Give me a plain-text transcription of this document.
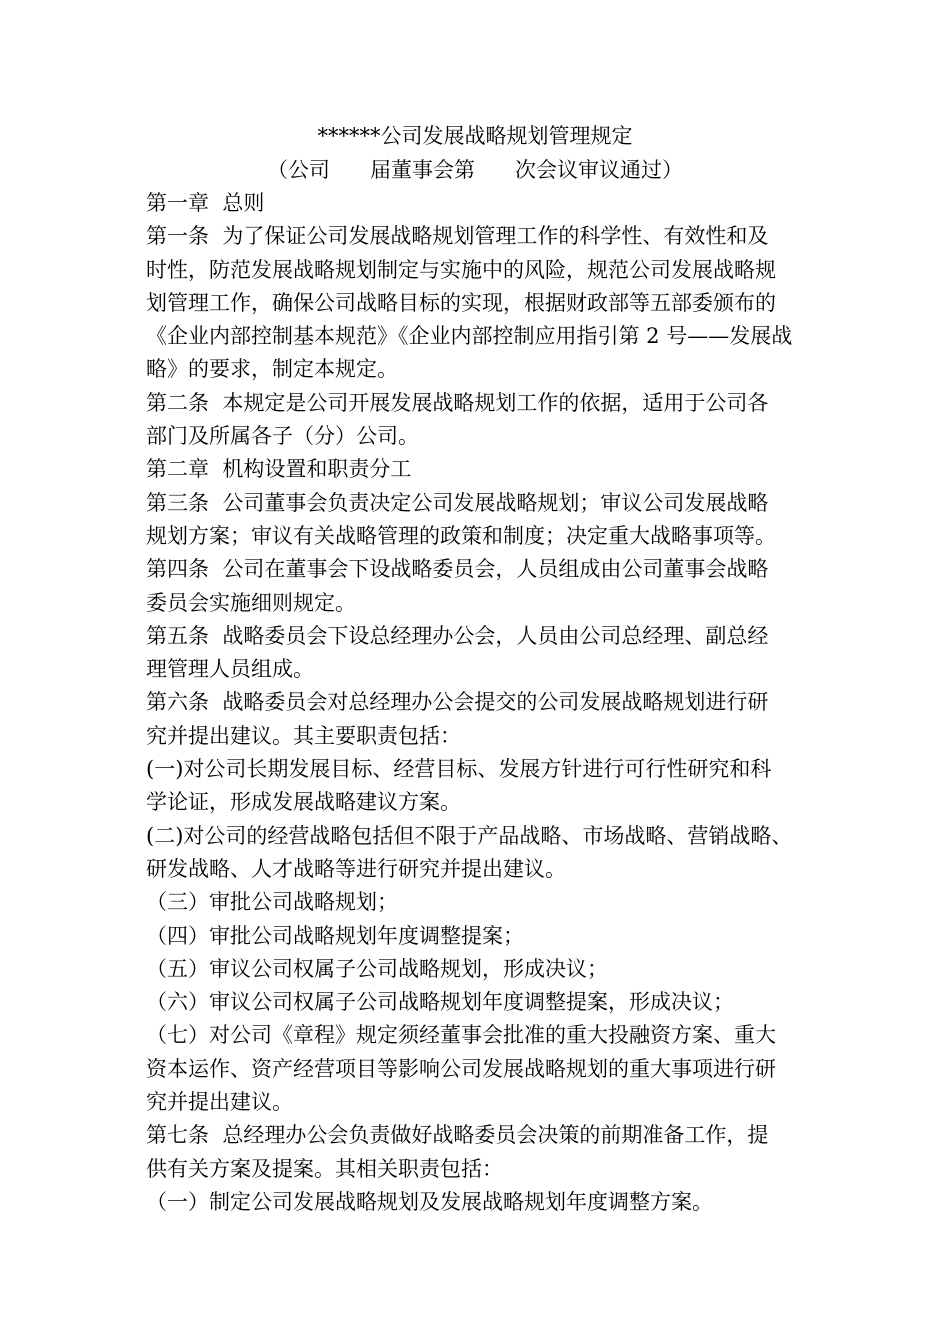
******公司发展战略规划管理规定
（公司      届董事会第      次会议审议通过）
第一章  总则
第一条  为了保证公司发展战略规划管理工作的科学性、有效性和及
时性，防范发展战略规划制定与实施中的风险，规范公司发展战略规
划管理工作，确保公司战略目标的实现，根据财政部等五部委颁布的
《企业内部控制基本规范》《企业内部控制应用指引第 2 号——发展战
略》的要求，制定本规定。
第二条  本规定是公司开展发展战略规划工作的依据，适用于公司各
部门及所属各子（分）公司。
第二章  机构设置和职责分工
第三条  公司董事会负责决定公司发展战略规划；审议公司发展战略
规划方案；审议有关战略管理的政策和制度；决定重大战略事项等。
第四条  公司在董事会下设战略委员会，人员组成由公司董事会战略
委员会实施细则规定。
第五条  战略委员会下设总经理办公会，人员由公司总经理、副总经
理管理人员组成。
第六条  战略委员会对总经理办公会提交的公司发展战略规划进行研
究并提出建议。其主要职责包括：
(一)对公司长期发展目标、经营目标、发展方针进行可行性研究和科
学论证，形成发展战略建议方案。
(二)对公司的经营战略包括但不限于产品战略、市场战略、营销战略、
研发战略、人才战略等进行研究并提出建议。
（三）审批公司战略规划；
（四）审批公司战略规划年度调整提案；
（五）审议公司权属子公司战略规划，形成决议；
（六）审议公司权属子公司战略规划年度调整提案，形成决议；
（七）对公司《章程》规定须经董事会批准的重大投融资方案、重大
资本运作、资产经营项目等影响公司发展战略规划的重大事项进行研
究并提出建议。
第七条  总经理办公会负责做好战略委员会决策的前期准备工作，提
供有关方案及提案。其相关职责包括：
（一）制定公司发展战略规划及发展战略规划年度调整方案。
